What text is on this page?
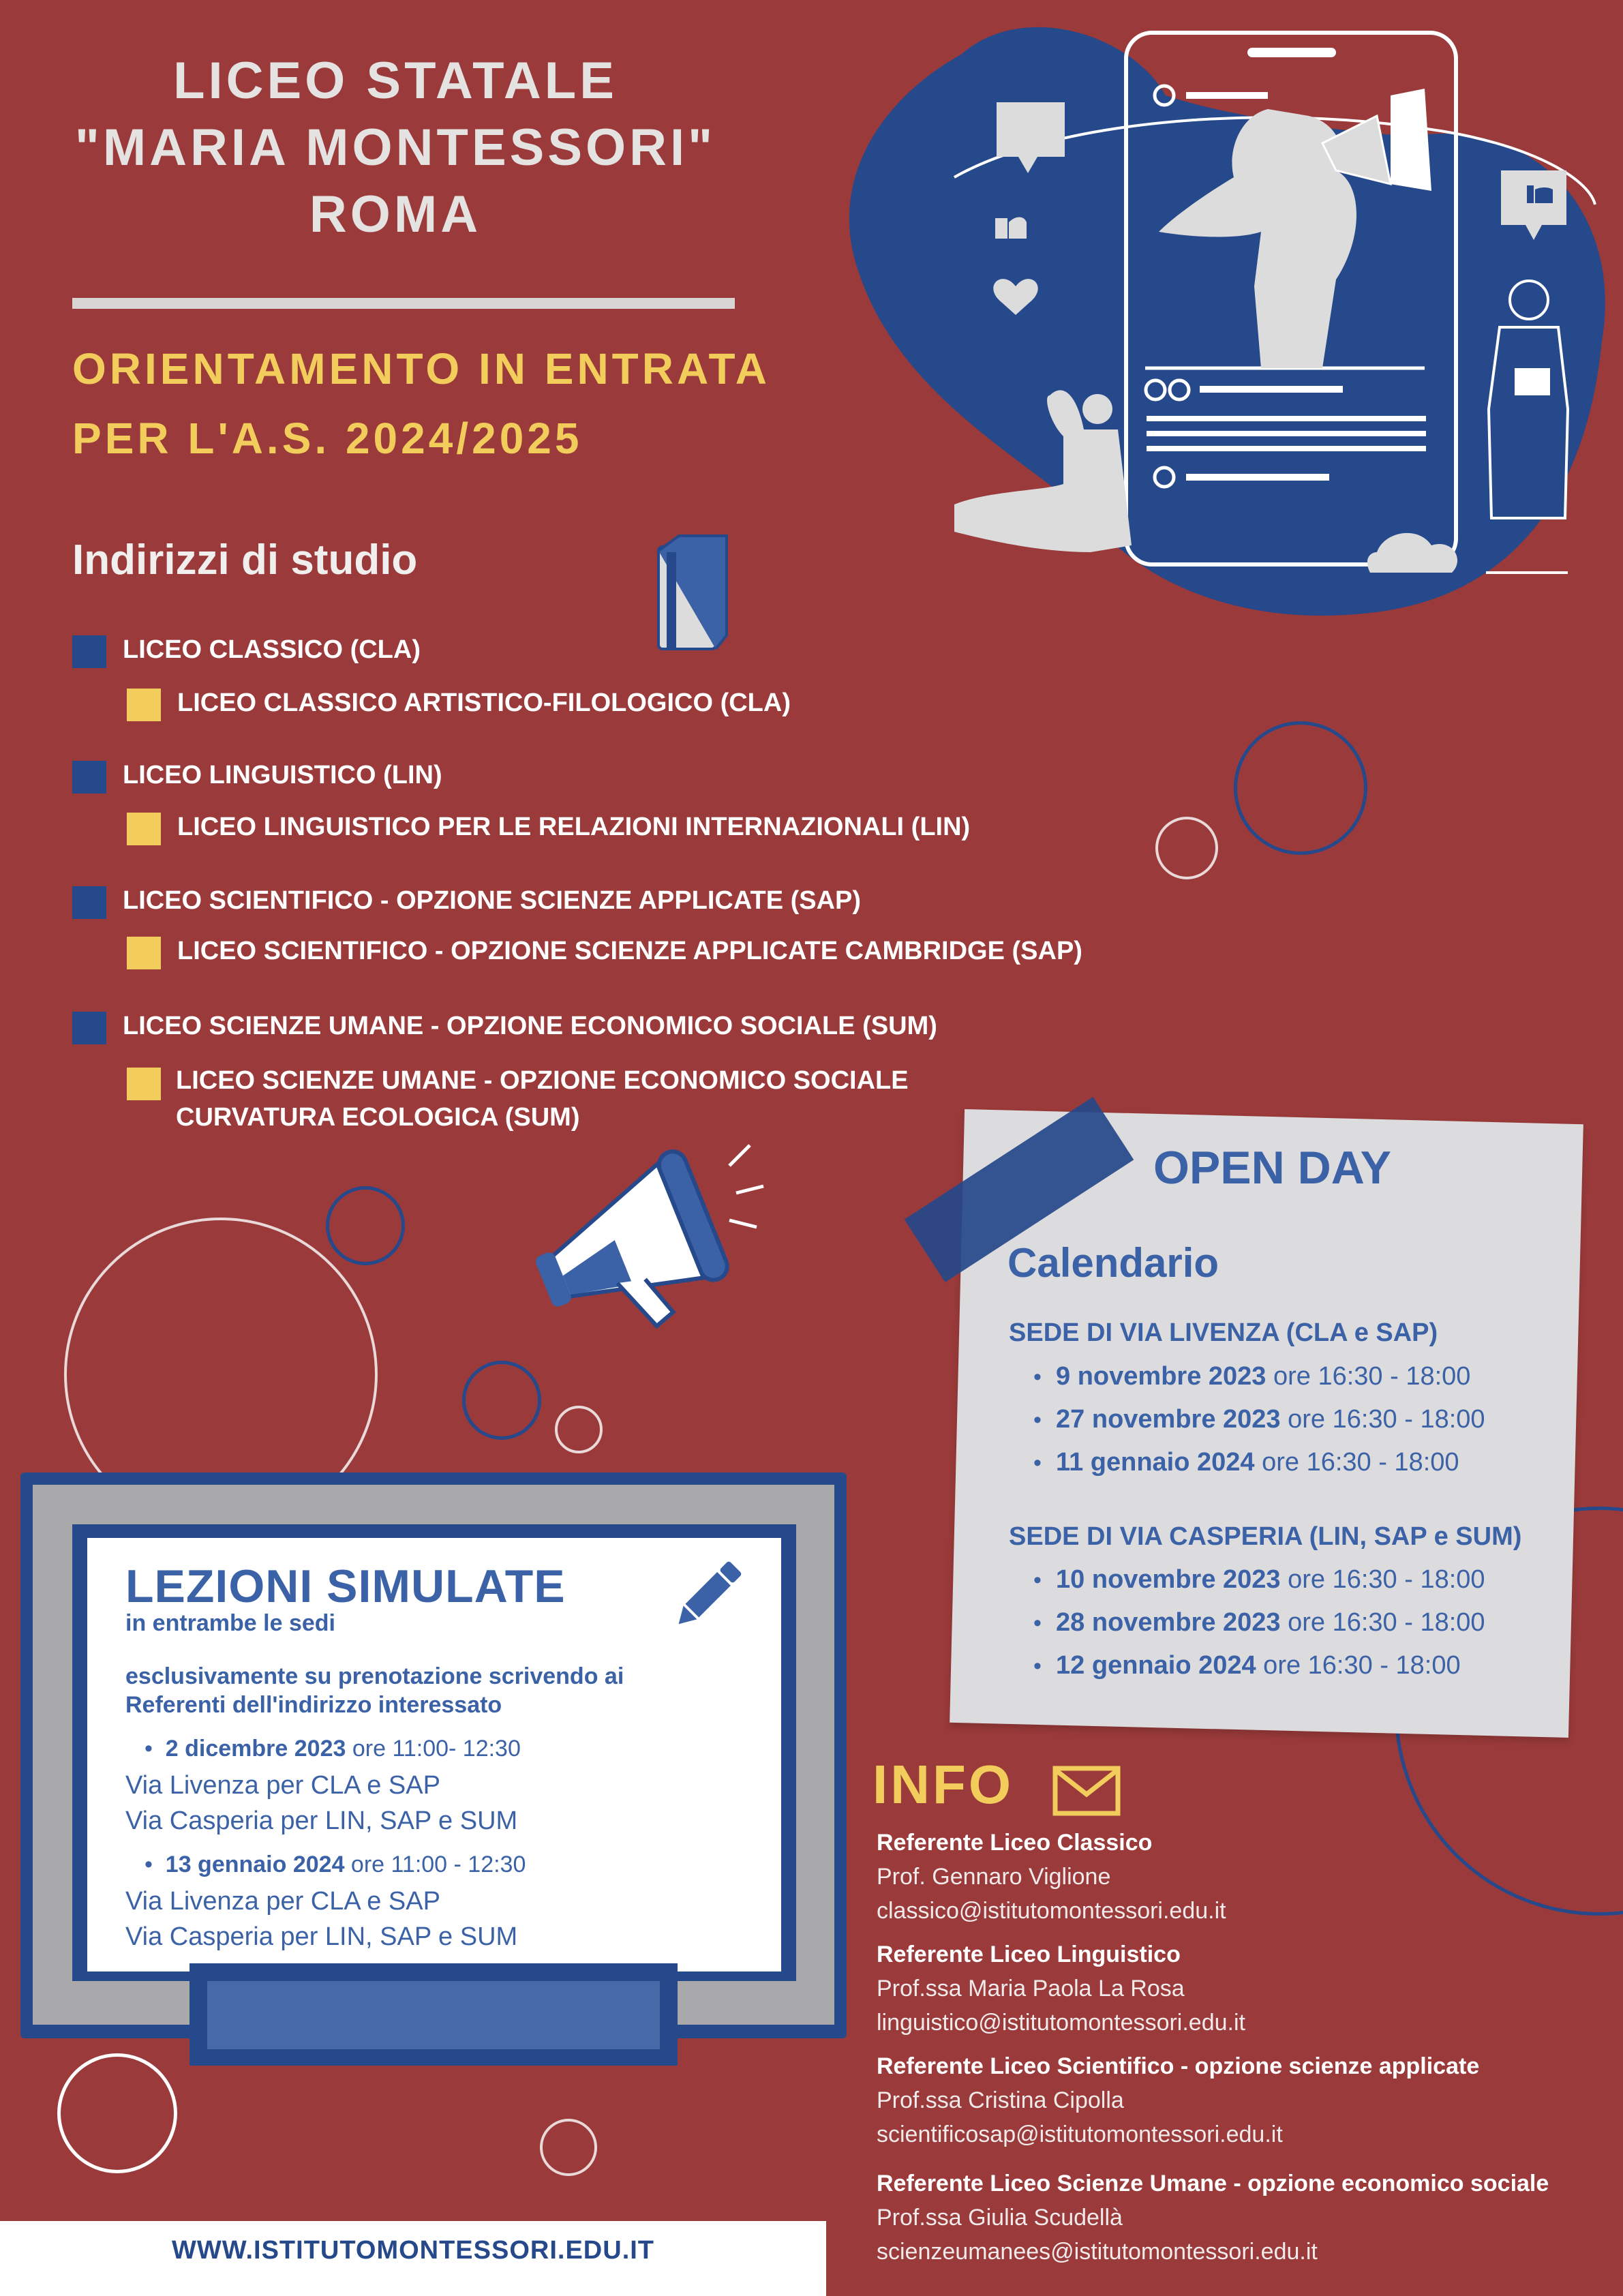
LICEO STATALE
"MARIA MONTESSORI"
ROMA
ORIENTAMENTO IN ENTRATA
PER L'A.S. 2024/2025
Indirizzi di studio
LICEO CLASSICO (CLA)
LICEO CLASSICO ARTISTICO-FILOLOGICO (CLA)
LICEO LINGUISTICO (LIN)
LICEO LINGUISTICO PER LE RELAZIONI INTERNAZIONALI (LIN)
LICEO SCIENTIFICO - OPZIONE SCIENZE APPLICATE (SAP)
LICEO SCIENTIFICO - OPZIONE SCIENZE APPLICATE CAMBRIDGE (SAP)
LICEO SCIENZE UMANE - OPZIONE ECONOMICO SOCIALE (SUM)
LICEO SCIENZE UMANE - OPZIONE ECONOMICO SOCIALE
CURVATURA ECOLOGICA (SUM)
OPEN DAY
Calendario
SEDE DI VIA LIVENZA (CLA e SAP)
• 9 novembre 2023 ore 16:30 - 18:00
• 27 novembre 2023 ore 16:30 - 18:00
• 11 gennaio 2024 ore 16:30 - 18:00
SEDE DI VIA CASPERIA (LIN, SAP e SUM)
• 10 novembre 2023 ore 16:30 - 18:00
• 28 novembre 2023 ore 16:30 - 18:00
• 12 gennaio 2024 ore 16:30 - 18:00
LEZIONI SIMULATE
in entrambe le sedi
esclusivamente su prenotazione scrivendo ai
Referenti dell'indirizzo interessato
•  2 dicembre 2023 ore 11:00- 12:30
Via Livenza per CLA e SAP
Via Casperia per LIN, SAP e SUM
•  13 gennaio 2024 ore 11:00 - 12:30
Via Livenza per CLA e SAP
Via Casperia per LIN, SAP e SUM
INFO
Referente Liceo Classico
Prof. Gennaro Viglione
classico@istitutomontessori.edu.it
Referente Liceo Linguistico
Prof.ssa Maria Paola La Rosa
linguistico@istitutomontessori.edu.it
Referente Liceo Scientifico - opzione scienze applicate
Prof.ssa Cristina Cipolla
scientificosap@istitutomontessori.edu.it
Referente Liceo Scienze Umane - opzione economico sociale
Prof.ssa Giulia Scudellà
scienzeumanees@istitutomontessori.edu.it
WWW.ISTITUTOMONTESSORI.EDU.IT
